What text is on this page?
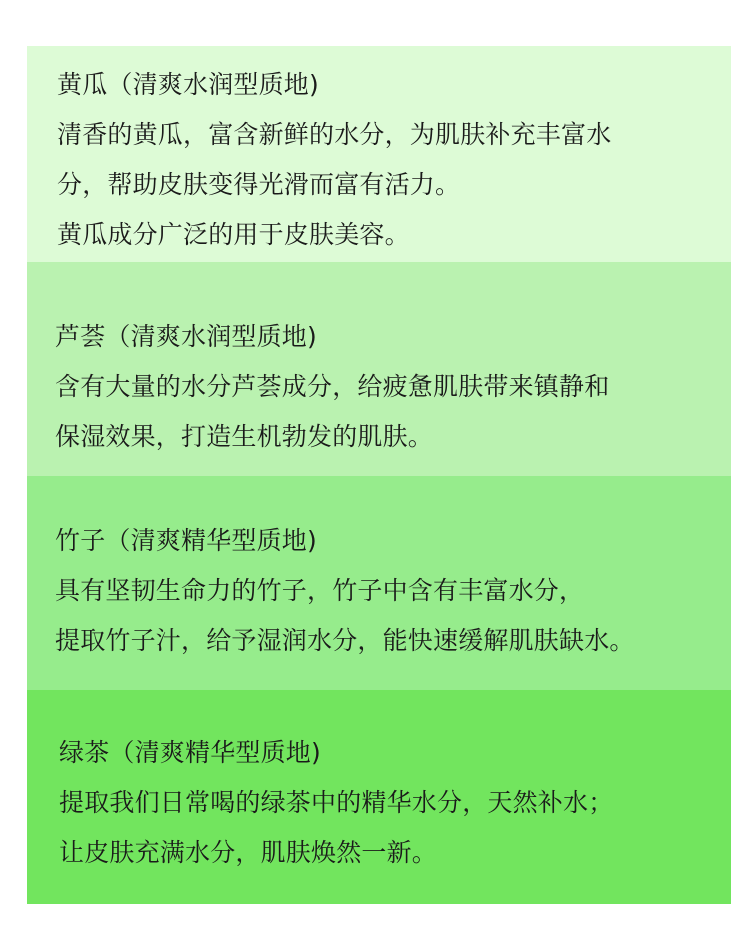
黄瓜（清爽水润型质地)
清香的黄瓜，富含新鲜的水分，为肌肤补充丰富水
分，帮助皮肤变得光滑而富有活力。
黄瓜成分广泛的用于皮肤美容。
芦荟（清爽水润型质地)
含有大量的水分芦荟成分，给疲惫肌肤带来镇静和
保湿效果，打造生机勃发的肌肤。
竹子（清爽精华型质地)
具有坚韧生命力的竹子，竹子中含有丰富水分，
提取竹子汁，给予湿润水分，能快速缓解肌肤缺水。
绿茶（清爽精华型质地)
提取我们日常喝的绿茶中的精华水分，天然补水；
让皮肤充满水分，肌肤焕然一新。
